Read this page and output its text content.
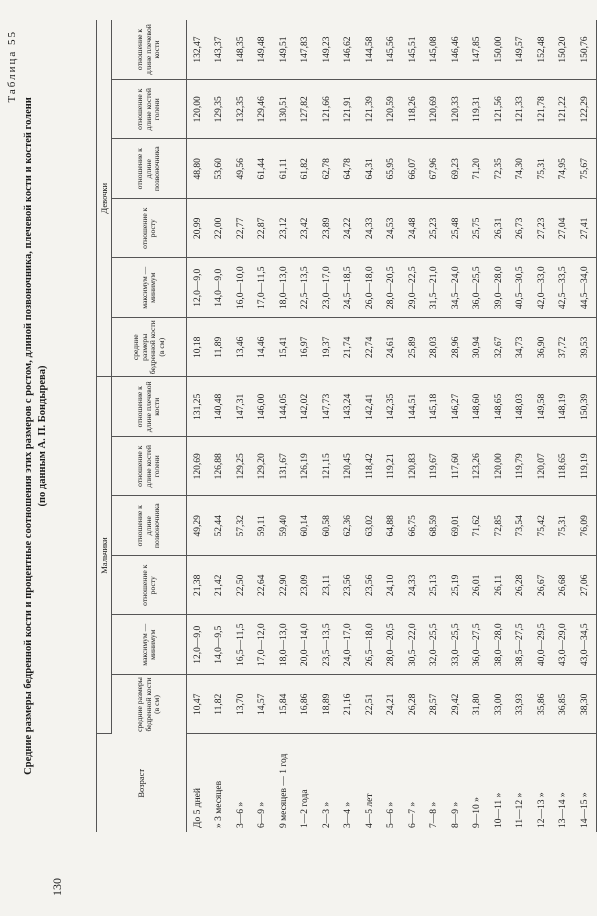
130
Таблица 55
Средние размеры бедренной кости и процентные соотношения этих размеров с ростом, длиной позвоночника, плечевой кости и костей голени (по данным А. П. Бондырева)
Возраст	Мальчики						Девочки					
	средние размеры бедренной кости (в см)	максимум — минимум	отношение к росту	отношение к длине позвоночника	отношение к длине костей голени	отношение к длине плечевой кости	средние размеры бедренной кости (в см)	максимум — минимум	отношение к росту	отношение к длине позвоночника	отношение к длине костей голени	отношение к длине плечевой кости
До 5 дней	10,47	12,0—9,0	21,38	49,29	120,69	131,25	10,18	12,0—9,0	20,99	48,80	120,00	132,47
» 3 месяцев	11,82	14,0—9,5	21,42	52,44	126,88	140,48	11,89	14,0—9,0	22,00	53,60	129,35	143,37
3—6 »	13,70	16,5—11,5	22,50	57,32	129,25	147,31	13,46	16,0—10,0	22,77	49,56	132,35	148,35
6—9 »	14,57	17,0—12,0	22,64	59,11	129,20	146,00	14,46	17,0—11,5	22,87	61,44	129,46	149,48
9 месяцев — 1 год	15,84	18,0—13,0	22,90	59,40	131,67	144,05	15,41	18,0—13,0	23,12	61,11	130,51	149,51
1—2 года	16,86	20,0—14,0	23,09	60,14	126,19	142,02	16,97	22,5—13,5	23,42	61,82	127,82	147,83
2—3 »	18,89	23,5—13,5	23,11	60,58	121,15	147,73	19,37	23,0—17,0	23,89	62,78	121,66	149,23
3—4 »	21,16	24,0—17,0	23,56	62,36	120,45	143,24	21,74	24,5—18,5	24,22	64,78	121,91	146,62
4—5 лет	22,51	26,5—18,0	23,56	63,02	118,42	142,41	22,74	26,0—18,0	24,33	64,31	121,39	144,58
5—6 »	24,21	28,0—20,5	24,10	64,88	119,21	142,35	24,61	28,0—20,5	24,53	65,95	120,59	145,56
6—7 »	26,28	30,5—22,0	24,33	66,75	120,83	144,51	25,89	29,0—22,5	24,48	66,07	118,26	145,51
7—8 »	28,57	32,0—25,5	25,13	68,59	119,67	145,18	28,03	31,5—21,0	25,23	67,96	120,69	145,08
8—9 »	29,42	33,0—25,5	25,19	69,01	117,60	146,27	28,96	34,5—24,0	25,48	69,23	120,33	146,46
9—10 »	31,80	36,0—27,5	26,01	71,62	123,26	148,60	30,94	36,0—25,5	25,75	71,20	119,31	147,85
10—11 »	33,00	38,0—28,0	26,11	72,85	120,00	148,65	32,67	39,0—28,0	26,31	72,35	121,56	150,00
11—12 »	33,93	38,5—27,5	26,28	73,54	119,79	148,03	34,73	40,5—30,5	26,73	74,30	121,33	149,57
12—13 »	35,86	40,0—29,5	26,67	75,42	120,07	149,58	36,90	42,0—33,0	27,23	75,31	121,78	152,48
13—14 »	36,85	43,0—29,0	26,68	75,31	118,65	148,19	37,72	42,5—33,5	27,04	74,95	121,22	150,20
14—15 »	38,30	43,0—34,5	27,06	76,09	119,19	150,39	39,53	44,5—34,0	27,41	75,67	122,29	150,76
